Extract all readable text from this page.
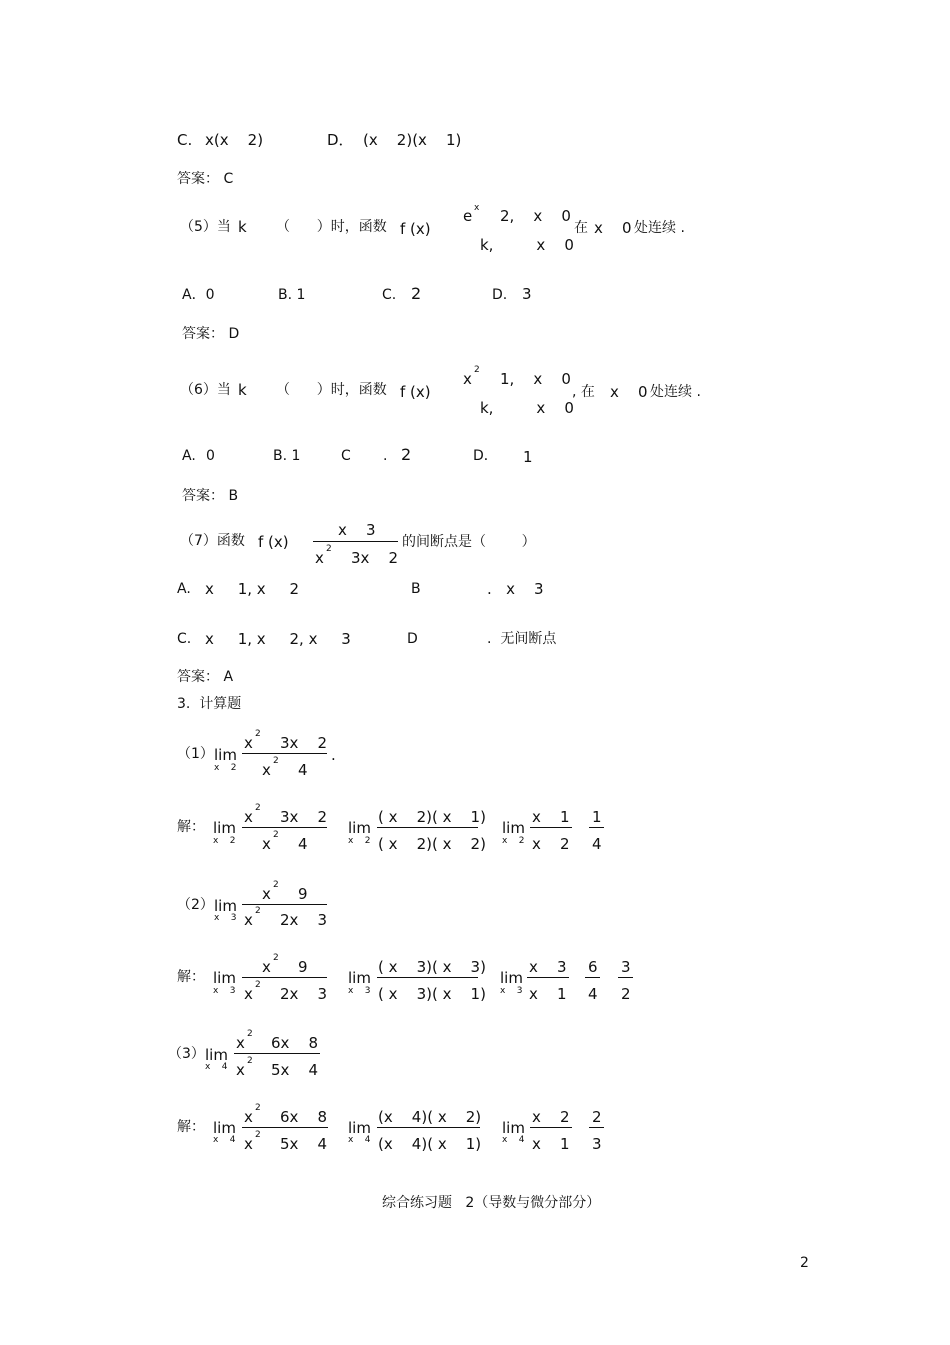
C. x(x    2)	D． (x    2)(x    1)
答案： C
（5）当 k （      ）时，函数 f (x)
e x 2,    x    0
k,         x    0
在 x    0 处连续 .
A．0	B. 1	C. 2	D. 3
答案： D
（6）当 k （      ）时，函数 f (x)
x 2 1,    x    0
k,         x    0
, 在 x    0 处连续 .
A. 0	B. 1	C . 2	D． 1
答案： B
（7）函数 f (x)
x    3
x 2 3x    2
的间断点是（        ）
A. x     1, x     2	B	.   x    3
C. x     1, x     2, x     3	D	.  无间断点
答案： A
3.  计算题
（1） lim
x    2
x 2 3x    2
x 2 4
.
解： lim
x    2
x 2 3x    2
x 2 4
lim
x    2
( x    2)( x    1)
( x    2)( x    2)
lim
x    2
x    1
x    2
1
4
（2） lim
x    3
x 2 9
x 2 2x    3
解： lim
x    3
x 2 9
x 2 2x    3
lim
x    3
( x    3)( x    3)
( x    3)( x    1)
lim
x    3
x    3
x    1
6
4
3
2
（3） lim
x    4
x 2 6x    8
x 2 5x    4
解： lim
x    4
x 2 6x    8
x 2 5x    4
lim
x    4
(x    4)( x    2)
(x    4)( x    1)
lim
x    4
x    2
x    1
2
3
综合练习题   2（导数与微分部分）
2
